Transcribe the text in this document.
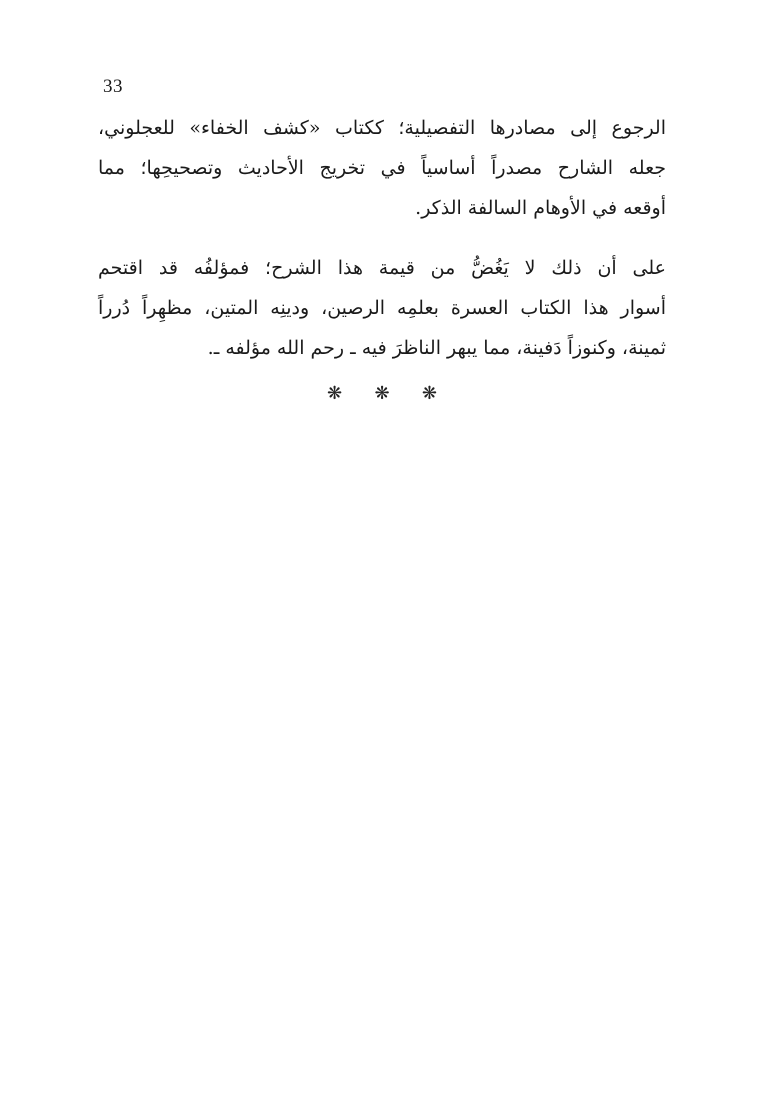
33
الرجوع إلى مصادرها التفصيلية؛ ككتاب «كشف الخفاء» للعجلوني،
جعله الشارح مصدراً أساسياً في تخريج الأحاديث وتصحيحِها؛ مما
أوقعه في الأوهام السالفة الذكر.
على أن ذلك لا يَغُضُّ من قيمة هذا الشرح؛ فمؤلفُه قد اقتحم
أسوار هذا الكتاب العسرة بعلمِه الرصين، ودينِه المتين، مظهِراً دُرراً
ثمينة، وكنوزاً دَفينة، مما يبهر الناظرَ فيه ـ رحم الله مؤلفه ـ.
❋ ❋ ❋
